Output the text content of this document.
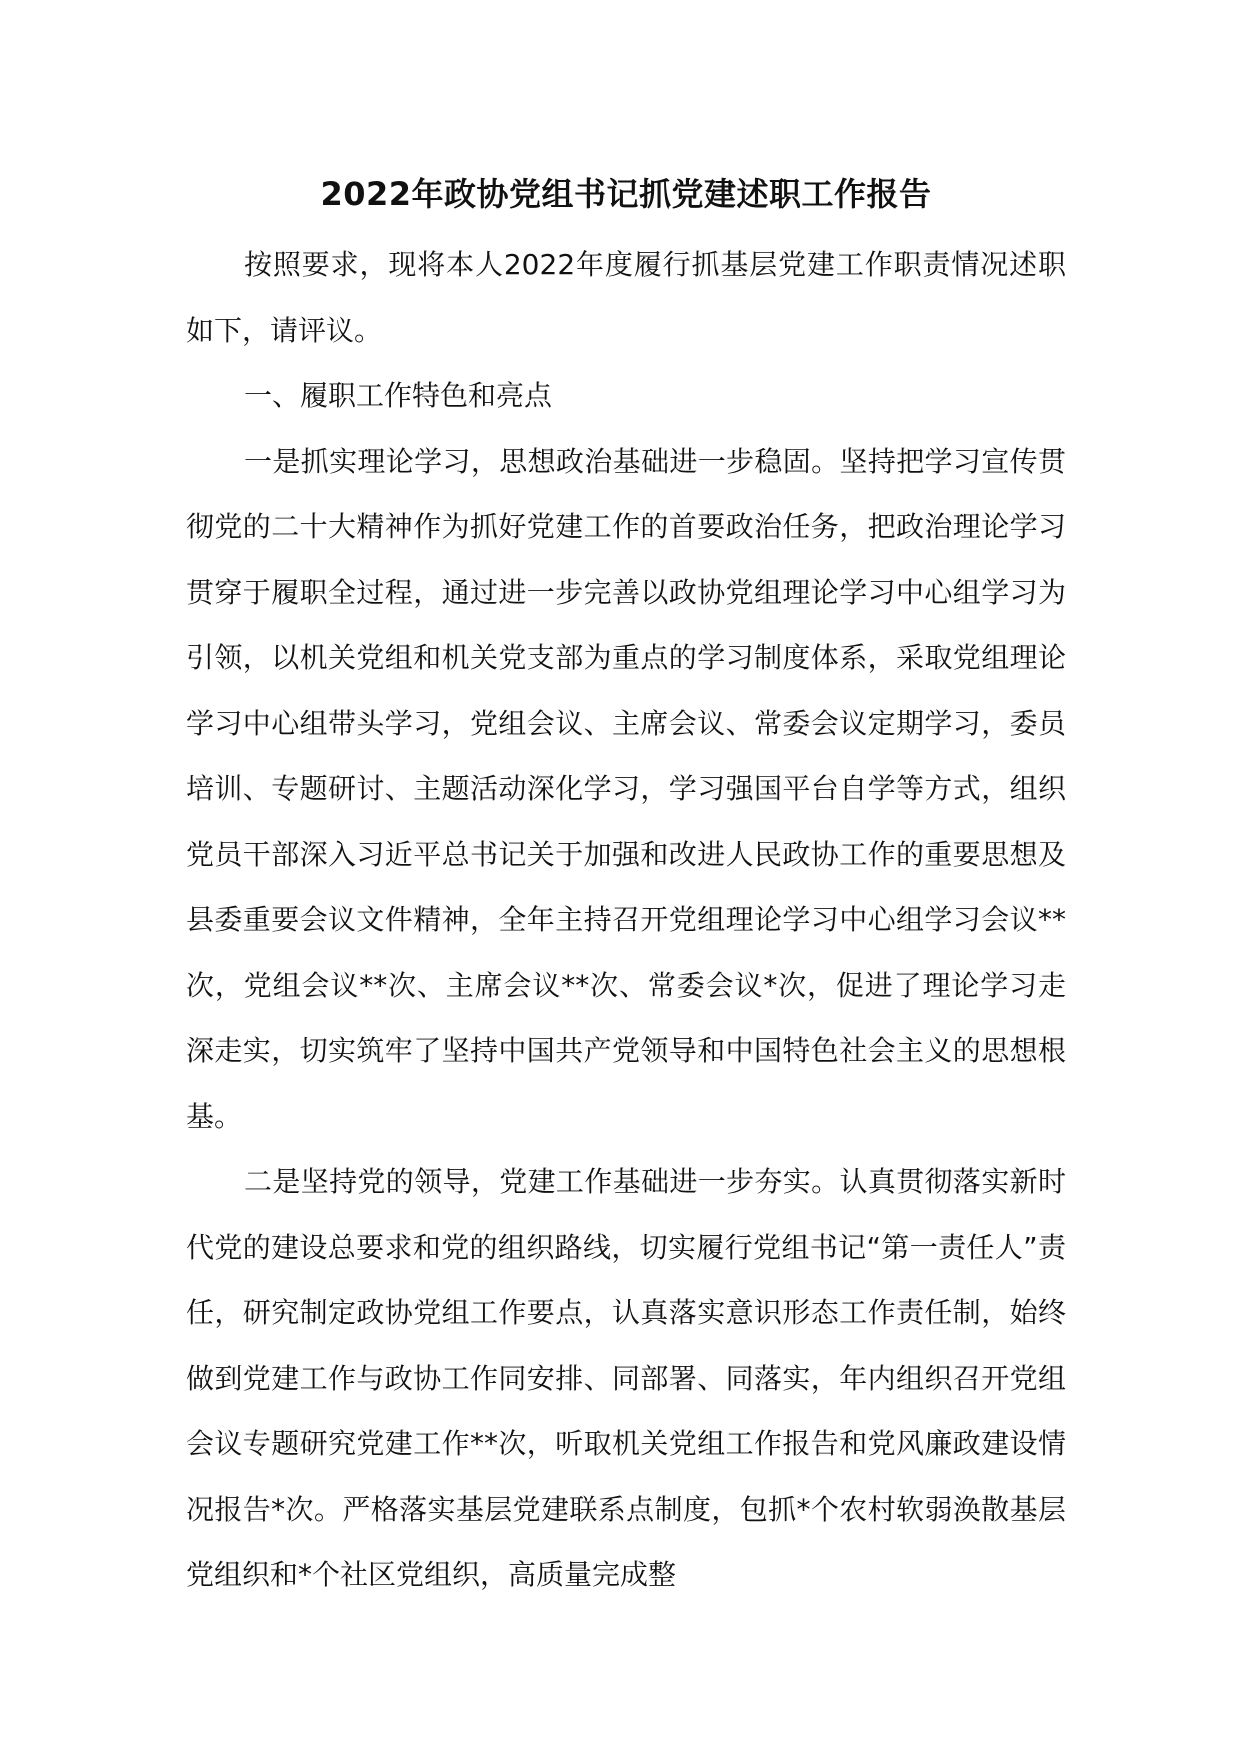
2022年政协党组书记抓党建述职工作报告

按照要求，现将本人2022年度履行抓基层党建工作职责情况述职如下，请评议。

一、履职工作特色和亮点

一是抓实理论学习，思想政治基础进一步稳固。坚持把学习宣传贯彻党的二十大精神作为抓好党建工作的首要政治任务，把政治理论学习贯穿于履职全过程，通过进一步完善以政协党组理论学习中心组学习为引领，以机关党组和机关党支部为重点的学习制度体系，采取党组理论学习中心组带头学习，党组会议、主席会议、常委会议定期学习，委员培训、专题研讨、主题活动深化学习，学习强国平台自学等方式，组织党员干部深入习近平总书记关于加强和改进人民政协工作的重要思想及县委重要会议文件精神，全年主持召开党组理论学习中心组学习会议**次，党组会议**次、主席会议**次、常委会议*次，促进了理论学习走深走实，切实筑牢了坚持中国共产党领导和中国特色社会主义的思想根基。

二是坚持党的领导，党建工作基础进一步夯实。认真贯彻落实新时代党的建设总要求和党的组织路线，切实履行党组书记“第一责任人”责任，研究制定政协党组工作要点，认真落实意识形态工作责任制，始终做到党建工作与政协工作同安排、同部署、同落实，年内组织召开党组会议专题研究党建工作**次，听取机关党组工作报告和党风廉政建设情况报告*次。严格落实基层党建联系点制度，包抓*个农村软弱涣散基层党组织和*个社区党组织，高质量完成整
